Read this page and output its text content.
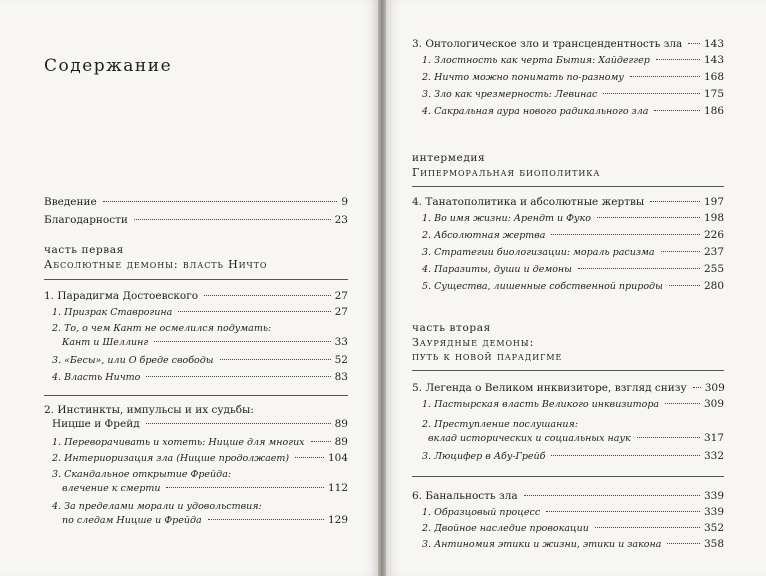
Содержание
Введение	9
Благодарности	23
часть первая
Абсолютные демоны: власть Ничто
1. Парадигма Достоевского	27
1. Призрак Ставрогина	27
2. То, о чем Кант не осмелился подумать:
Кант и Шеллинг	33
3. «Бесы», или О бреде свободы	52
4. Власть Ничто	83
2. Инстинкты, импульсы и их судьбы:
Ницше и Фрейд	89
1. Переворачивать и хотеть: Ницше для многих	89
2. Интериоризация зла (Ницше продолжает)	104
3. Скандальное открытие Фрейда:
влечение к смерти	112
4. За пределами морали и удовольствия:
по следам Ницше и Фрейда	129
3. Онтологическое зло и трансцендентность зла 143
1. Злостность как черта Бытия: Хайдеггер	143
2. Ничто можно понимать по-разному	168
3. Зло как чрезмерность: Левинас	175
4. Сакральная аура нового радикального зла	186
интермедия
Гиперморальная биополитика
4. Танатополитика и абсолютные жертвы	197
1. Во имя жизни: Арендт и Фуко	198
2. Абсолютная жертва	226
3. Стратегии биологизации: мораль расизма	237
4. Паразиты, души и демоны	255
5. Существа, лишенные собственной природы	280
часть вторая
Заурядные демоны:
путь к новой парадигме
5. Легенда о Великом инквизиторе, взгляд снизу 309
1. Пастырская власть Великого инквизитора	309
2. Преступление послушания:
вклад исторических и социальных наук	317
3. Люцифер в Абу-Грейб	332
6. Банальность зла	339
1. Образцовый процесс	339
2. Двойное наследие провокации	352
3. Антиномия этики и жизни, этики и закона	358
